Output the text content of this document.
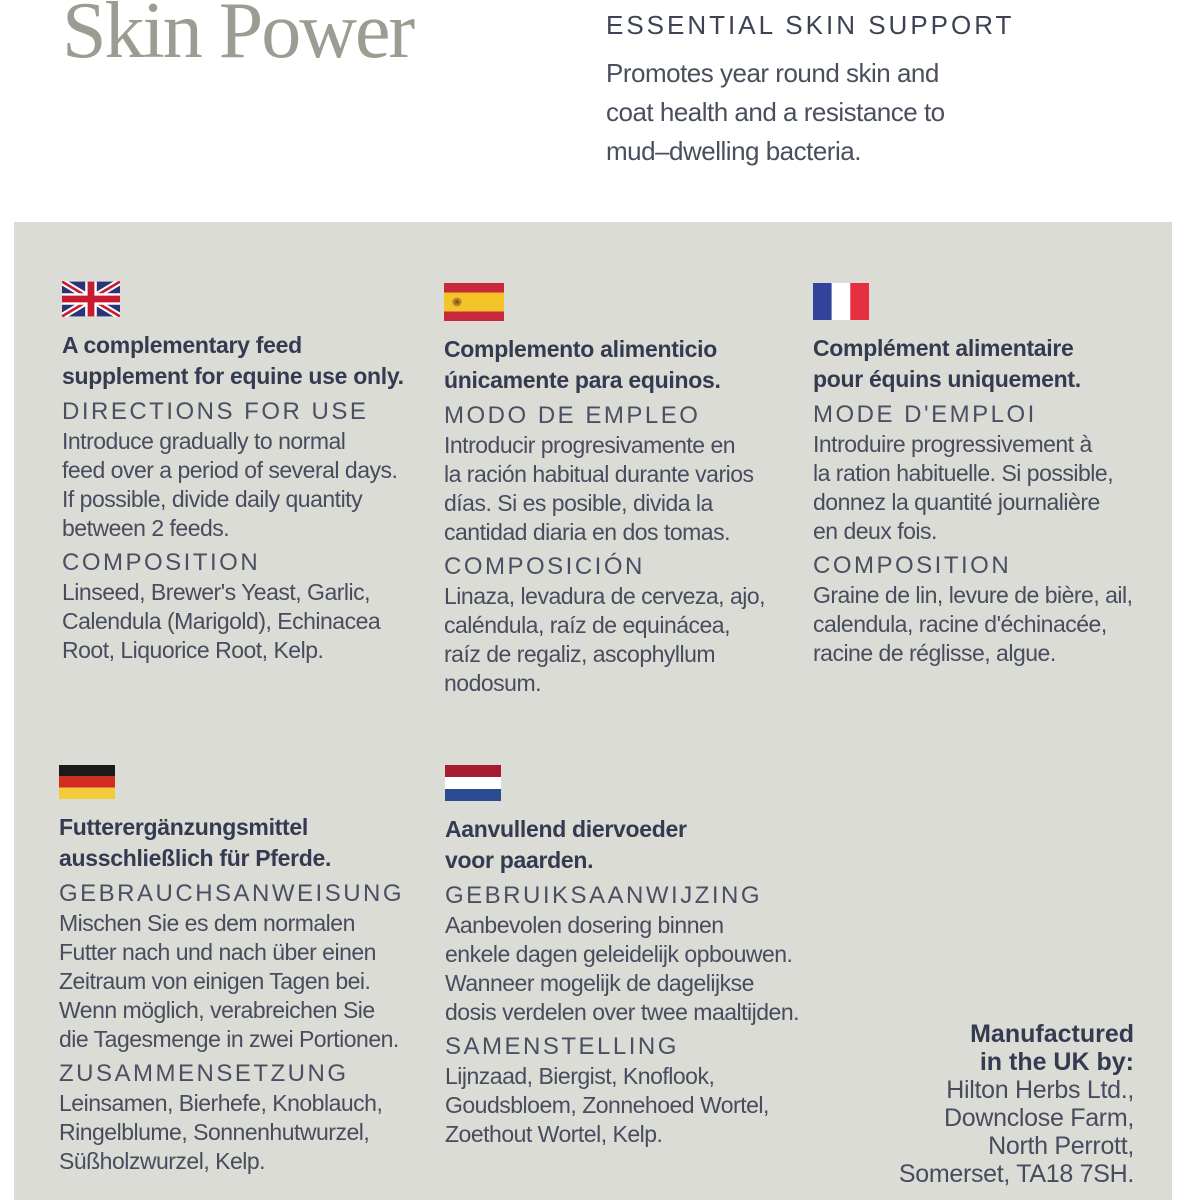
Skin Power	ESSENTIAL SKIN SUPPORT
Promotes year round skin and
coat health and a resistance to
mud–dwelling bacteria.
A complementary feed
supplement for equine use only.
DIRECTIONS FOR USE
Introduce gradually to normal
feed over a period of several days.
If possible, divide daily quantity
between 2 feeds.
COMPOSITION
Linseed, Brewer's Yeast, Garlic,
Calendula (Marigold), Echinacea
Root, Liquorice Root, Kelp.
Complemento alimenticio
únicamente para equinos.
MODO DE EMPLEO
Introducir progresivamente en
la ración habitual durante varios
días. Si es posible, divida la
cantidad diaria en dos tomas.
COMPOSICIÓN
Linaza, levadura de cerveza, ajo,
caléndula, raíz de equinácea,
raíz de regaliz, ascophyllum
nodosum.
Complément alimentaire
pour équins uniquement.
MODE D'EMPLOI
Introduire progressivement à
la ration habituelle. Si possible,
donnez la quantité journalière
en deux fois.
COMPOSITION
Graine de lin, levure de bière, ail,
calendula, racine d'échinacée,
racine de réglisse, algue.
Futterergänzungsmittel
ausschließlich für Pferde.
GEBRAUCHSANWEISUNG
Mischen Sie es dem normalen
Futter nach und nach über einen
Zeitraum von einigen Tagen bei.
Wenn möglich, verabreichen Sie
die Tagesmenge in zwei Portionen.
ZUSAMMENSETZUNG
Leinsamen, Bierhefe, Knoblauch,
Ringelblume, Sonnenhutwurzel,
Süßholzwurzel, Kelp.
Aanvullend diervoeder
voor paarden.
GEBRUIKSAANWIJZING
Aanbevolen dosering binnen
enkele dagen geleidelijk opbouwen.
Wanneer mogelijk de dagelijkse
dosis verdelen over twee maaltijden.
SAMENSTELLING
Lijnzaad, Biergist, Knoflook,
Goudsbloem, Zonnehoed Wortel,
Zoethout Wortel, Kelp.
Manufactured
in the UK by:
Hilton Herbs Ltd.,
Downclose Farm,
North Perrott,
Somerset, TA18 7SH.
